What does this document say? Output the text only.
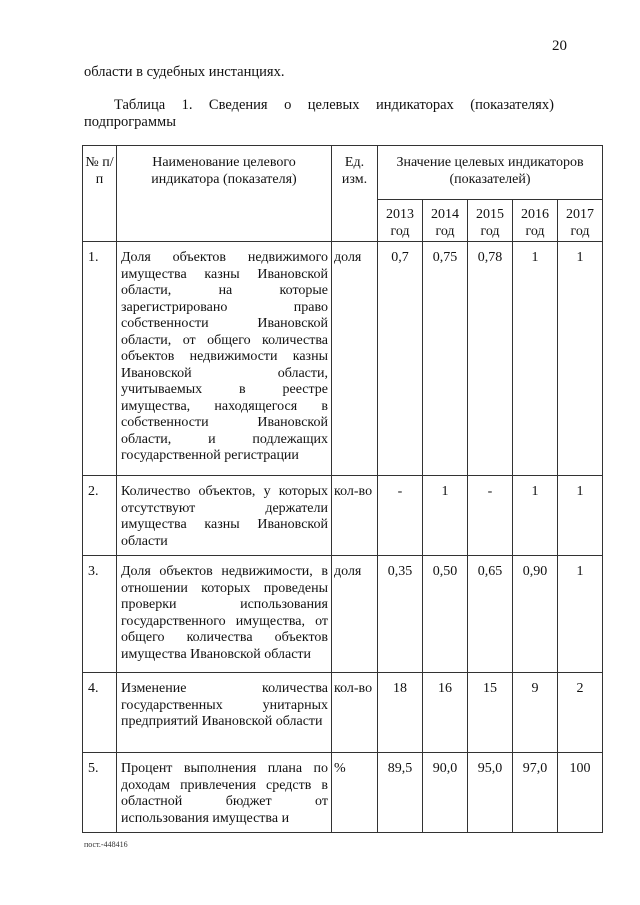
20
области в судебных инстанциях.
Таблица 1. Сведения о целевых индикаторах (показателях)
подпрограммы
№ п/п	Наименование целевого индикатора (показателя)	Ед. изм.	Значение целевых индикаторов (показателей)				
			2013 год	2014 год	2015 год	2016 год	2017 год
1.	Доля объектов недвижимого имущества казны Ивановской области, на которые зарегистрировано право собственности Ивановской области, от общего количества объектов недвижимости казны Ивановской области, учитываемых в реестре имущества, находящегося в собственности Ивановской области, и подлежащих государственной регистрации	доля	0,7	0,75	0,78	1	1
2.	Количество объектов, у которых отсутствуют держатели имущества казны Ивановской области	кол-во	-	1	-	1	1
3.	Доля объектов недвижимости, в отношении которых проведены проверки использования государственного имущества, от общего количества объектов имущества Ивановской области	доля	0,35	0,50	0,65	0,90	1
4.	Изменение количества государственных унитарных предприятий Ивановской области	кол-во	18	16	15	9	2
5.	Процент выполнения плана по доходам привлечения средств в областной бюджет от использования имущества и	%	89,5	90,0	95,0	97,0	100
пост.-448416
